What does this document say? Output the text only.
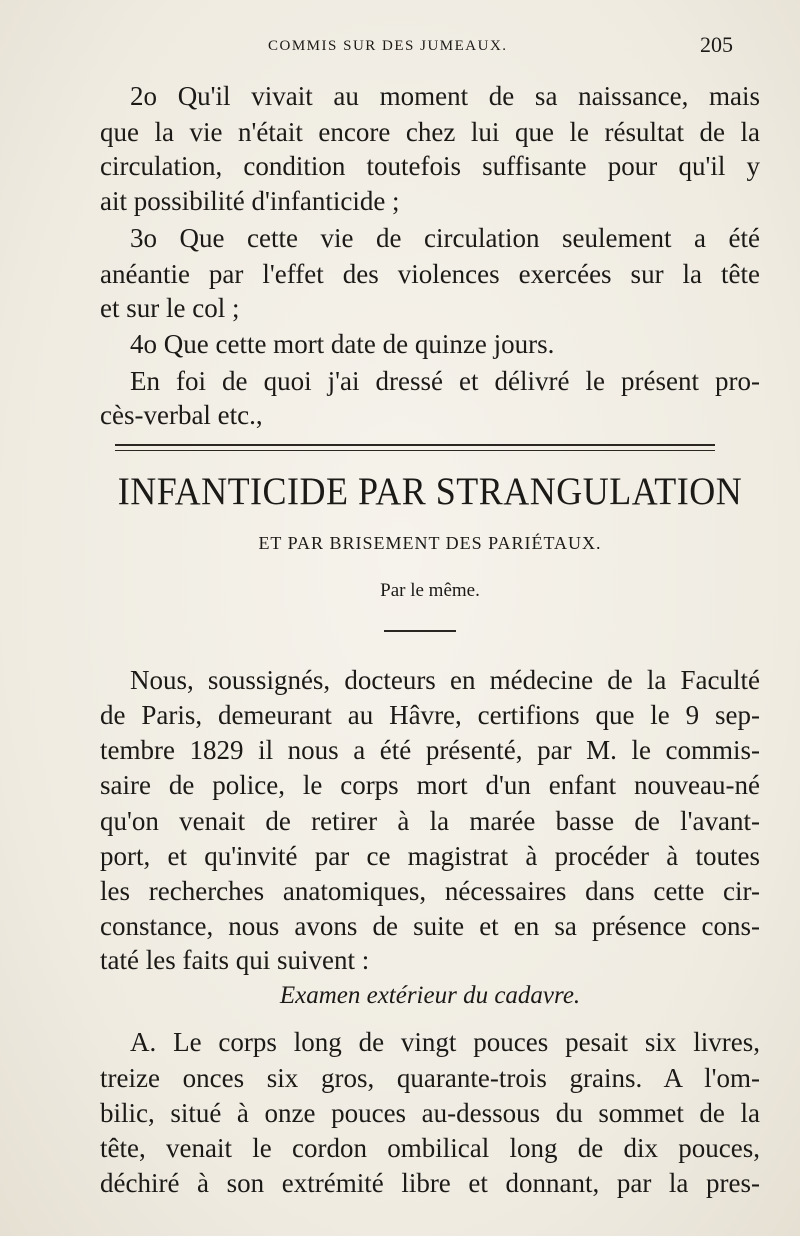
COMMIS SUR DES JUMEAUX.	205
2o Qu'il vivait au moment de sa naissance, mais
que la vie n'était encore chez lui que le résultat de la
circulation, condition toutefois suffisante pour qu'il y
ait possibilité d'infanticide ;
3o Que cette vie de circulation seulement a été
anéantie par l'effet des violences exercées sur la tête
et sur le col ;
4o Que cette mort date de quinze jours.
En foi de quoi j'ai dressé et délivré le présent pro-
cès-verbal etc.,
INFANTICIDE PAR STRANGULATION
ET PAR BRISEMENT DES PARIÉTAUX.
Par le même.
Nous, soussignés, docteurs en médecine de la Faculté
de Paris, demeurant au Hâvre, certifions que le 9 sep-
tembre 1829 il nous a été présenté, par M. le commis-
saire de police, le corps mort d'un enfant nouveau-né
qu'on venait de retirer à la marée basse de l'avant-
port, et qu'invité par ce magistrat à procéder à toutes
les recherches anatomiques, nécessaires dans cette cir-
constance, nous avons de suite et en sa présence cons-
taté les faits qui suivent :
Examen extérieur du cadavre.
A. Le corps long de vingt pouces pesait six livres,
treize onces six gros, quarante-trois grains. A l'om-
bilic, situé à onze pouces au-dessous du sommet de la
tête, venait le cordon ombilical long de dix pouces,
déchiré à son extrémité libre et donnant, par la pres-
